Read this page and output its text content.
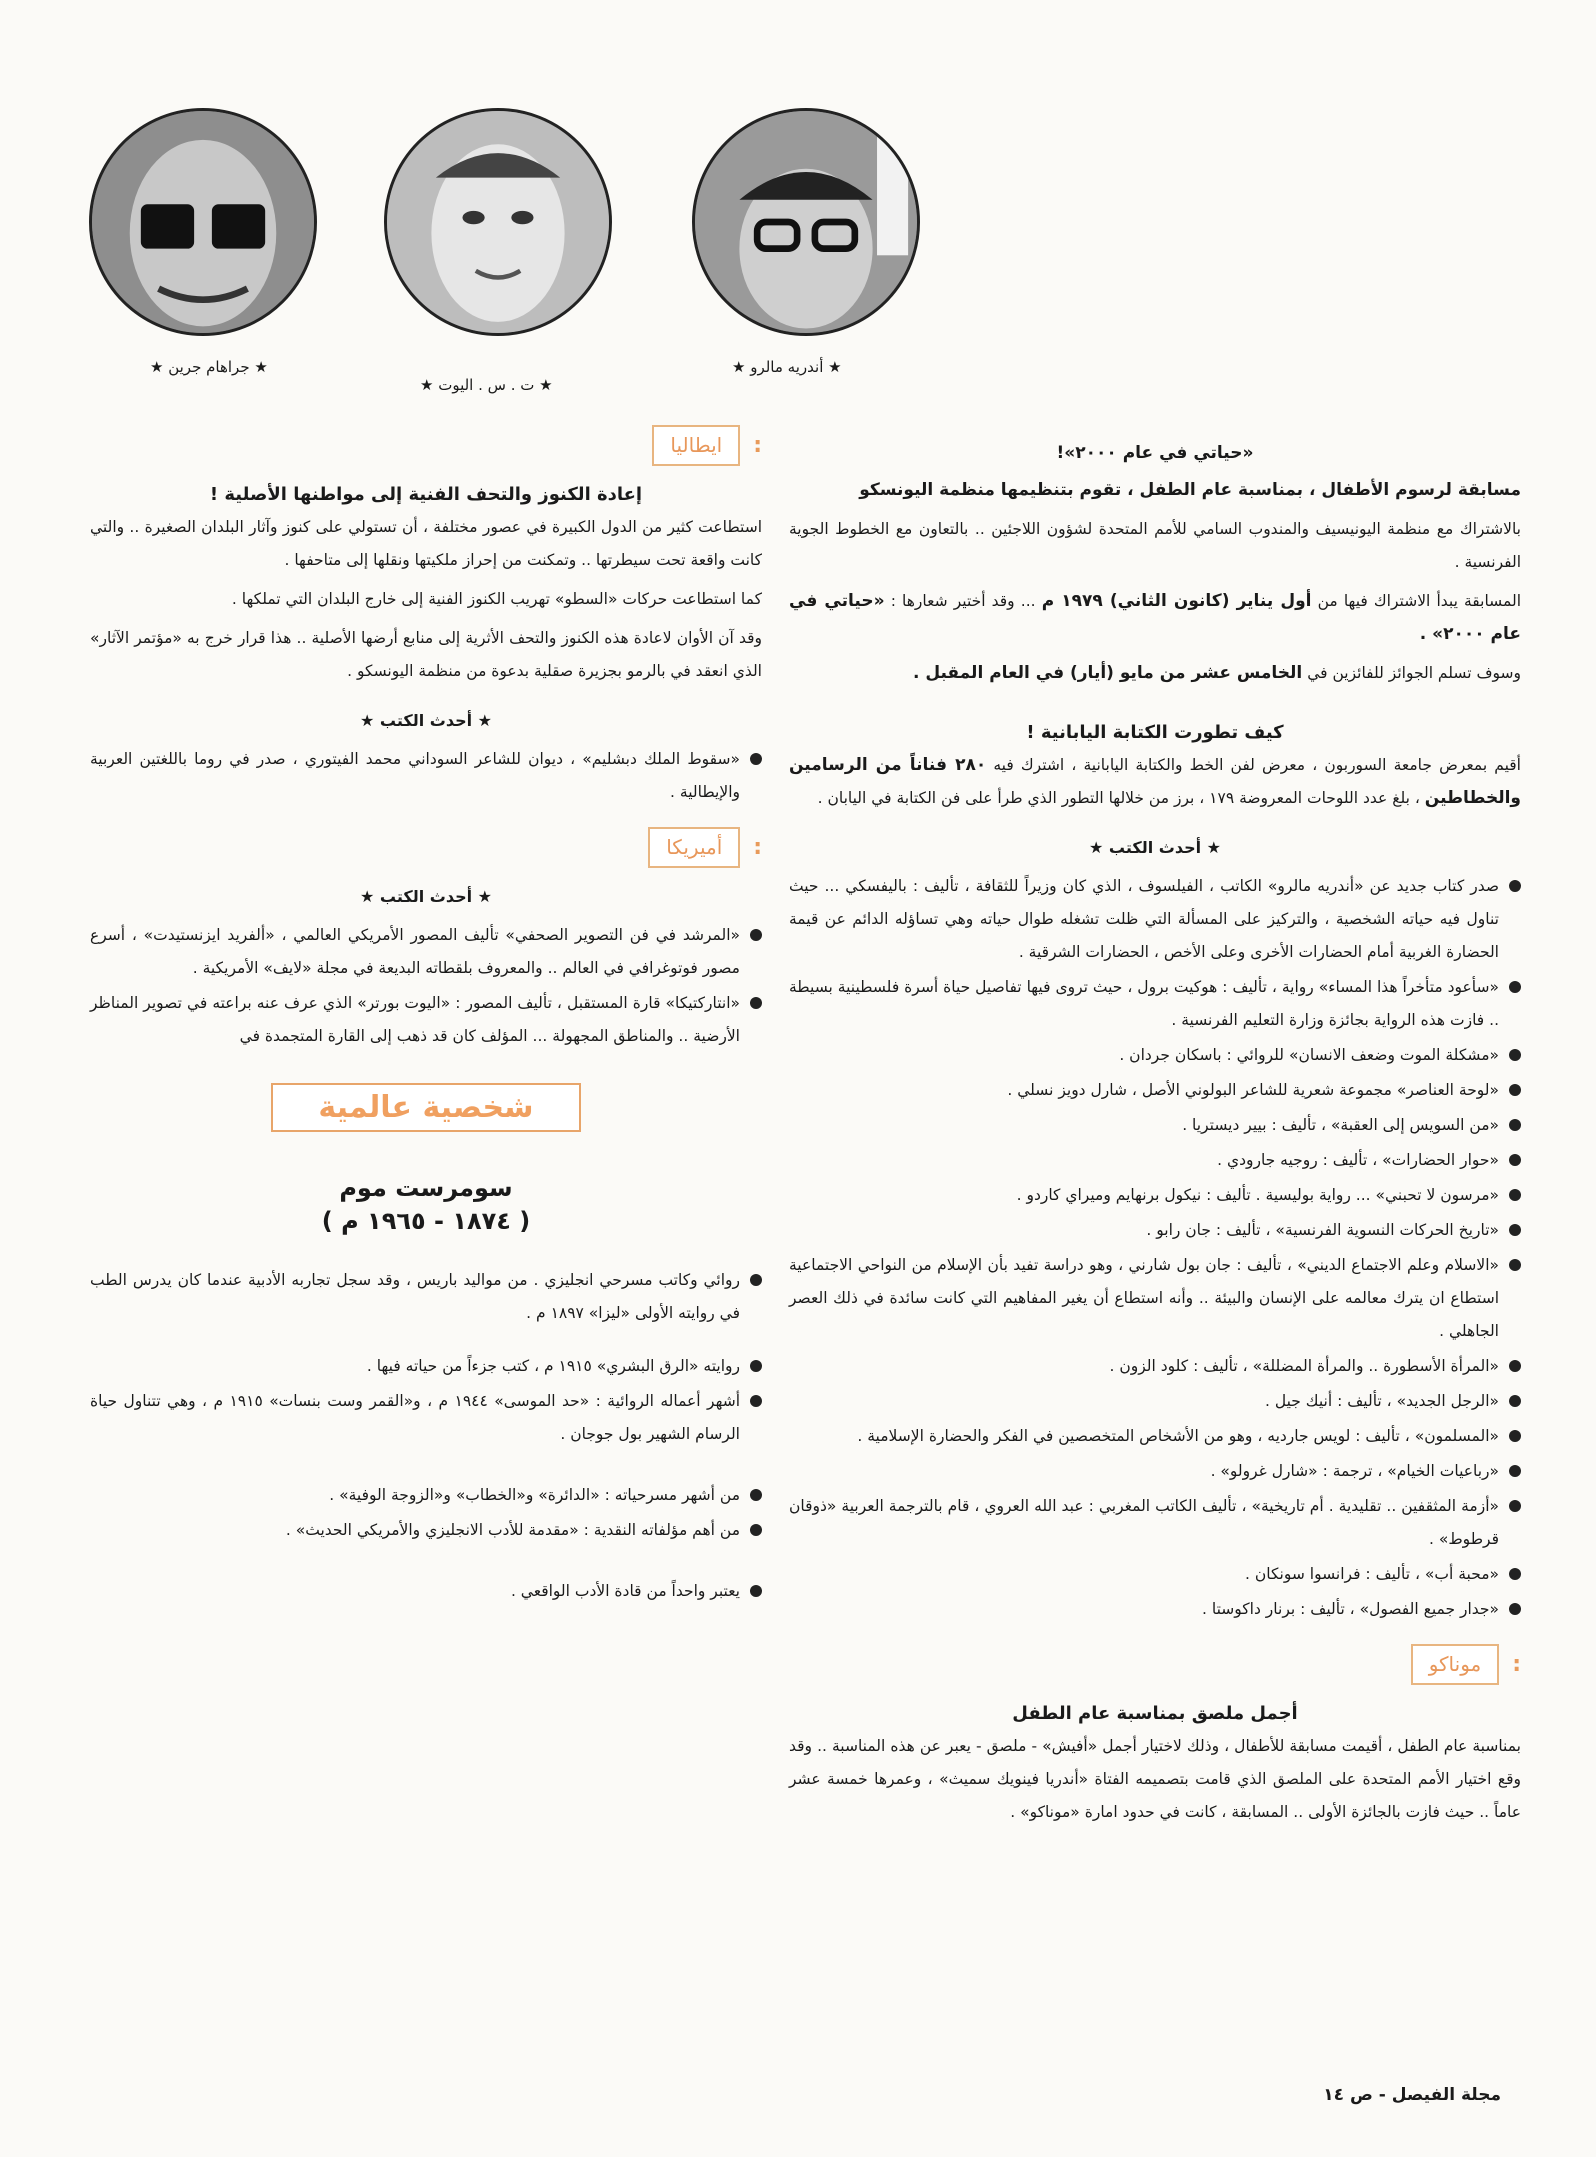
★ أندريه مالرو ★
★ ت . س . اليوت ★
★ جراهام جرين ★
«حياتي في عام ٢٠٠٠»!

مسابقة لرسوم الأطفال ، بمناسبة عام الطفل ، تقوم بتنظيمها منظمة اليونسكو

بالاشتراك مع منظمة اليونيسيف والمندوب السامي للأمم المتحدة لشؤون اللاجئين .. بالتعاون مع الخطوط الجوية الفرنسية .

المسابقة يبدأ الاشتراك فيها من أول يناير (كانون الثاني) ١٩٧٩ م ... وقد أختير شعارها : «حياتي في عام ٢٠٠٠» .

وسوف تسلم الجوائز للفائزين في الخامس عشر من مايو (أيار) في العام المقبل .

كيف تطورت الكتابة اليابانية !

أقيم بمعرض جامعة السوربون ، معرض لفن الخط والكتابة اليابانية ، اشترك فيه ٢٨٠ فناناً من الرسامين والخطاطين ، بلغ عدد اللوحات المعروضة ١٧٩ ، برز من خلالها التطور الذي طرأ على فن الكتابة في اليابان .

★ أحدث الكتب ★
صدر كتاب جديد عن «أندريه مالرو» الكاتب ، الفيلسوف ، الذي كان وزيراً للثقافة ، تأليف : باليفسكي ... حيث تناول فيه حياته الشخصية ، والتركيز على المسألة التي ظلت تشغله طوال حياته وهي تساؤله الدائم عن قيمة الحضارة الغربية أمام الحضارات الأخرى وعلى الأخص ، الحضارات الشرقية .
«سأعود متأخراً هذا المساء» رواية ، تأليف : هوكيت برول ، حيث تروى فيها تفاصيل حياة أسرة فلسطينية بسيطة .. فازت هذه الرواية بجائزة وزارة التعليم الفرنسية .
«مشكلة الموت وضعف الانسان» للروائي : باسكان جردان .
«لوحة العناصر» مجموعة شعرية للشاعر البولوني الأصل ، شارل دويز نسلي .
«من السويس إلى العقبة» ، تأليف : بيير ديستريا .
«حوار الحضارات» ، تأليف : روجيه جارودي .
«مرسون لا تحبني» ... رواية بوليسية . تأليف : نيكول برنهايم وميراي كاردو .
«تاريخ الحركات النسوية الفرنسية» ، تأليف : جان رابو .
«الاسلام وعلم الاجتماع الديني» ، تأليف : جان بول شارني ، وهو دراسة تفيد بأن الإسلام من النواحي الاجتماعية استطاع ان يترك معالمه على الإنسان والبيئة .. وأنه استطاع أن يغير المفاهيم التي كانت سائدة في ذلك العصر الجاهلي .
«المرأة الأسطورة .. والمرأة المضللة» ، تأليف : كلود الزون .
«الرجل الجديد» ، تأليف : أنيك جيل .
«المسلمون» ، تأليف : لويس جارديه ، وهو من الأشخاص المتخصصين في الفكر والحضارة الإسلامية .
«رباعيات الخيام» ، ترجمة : «شارل غرولو» .
«أزمة المثقفين .. تقليدية . أم تاريخية» ، تأليف الكاتب المغربي : عبد الله العروي ، قام بالترجمة العربية «ذوقان قرطوط» .
«محبة أب» ، تأليف : فرانسوا سونكان .
«جدار جميع الفصول» ، تأليف : برنار داكوستا .
: موناكو
أجمل ملصق بمناسبة عام الطفل

بمناسبة عام الطفل ، أقيمت مسابقة للأطفال ، وذلك لاختيار أجمل «أفيش» - ملصق - يعبر عن هذه المناسبة .. وقد وقع اختيار الأمم المتحدة على الملصق الذي قامت بتصميمه الفتاة «أندريا فينويك سميث» ، وعمرها خمسة عشر عاماً .. حيث فازت بالجائزة الأولى .. المسابقة ، كانت في حدود امارة «موناكو» .

: ايطاليا
إعادة الكنوز والتحف الفنية إلى مواطنها الأصلية !

استطاعت كثير من الدول الكبيرة في عصور مختلفة ، أن تستولي على كنوز وآثار البلدان الصغيرة .. والتي كانت واقعة تحت سيطرتها .. وتمكنت من إحراز ملكيتها ونقلها إلى متاحفها .

كما استطاعت حركات «السطو» تهريب الكنوز الفنية إلى خارج البلدان التي تملكها .

وقد آن الأوان لاعادة هذه الكنوز والتحف الأثرية إلى منابع أرضها الأصلية .. هذا قرار خرج به «مؤتمر الآثار» الذي انعقد في بالرمو بجزيرة صقلية بدعوة من منظمة اليونسكو .

★ أحدث الكتب ★
«سقوط الملك دبشليم» ، ديوان للشاعر السوداني محمد الفيتوري ، صدر في روما باللغتين العربية والإيطالية .
: أميريكا
★ أحدث الكتب ★
«المرشد في فن التصوير الصحفي» تأليف المصور الأمريكي العالمي ، «ألفريد ايزنستيدت» ، أسرع مصور فوتوغرافي في العالم .. والمعروف بلقطاته البديعة في مجلة «لايف» الأمريكية .
«انتاركتيكا» قارة المستقبل ، تأليف المصور : «اليوت بورتر» الذي عرف عنه براعته في تصوير المناظر الأرضية .. والمناطق المجهولة ... المؤلف كان قد ذهب إلى القارة المتجمدة في
شخصية عالمية
سومرست موم
( ١٨٧٤ - ١٩٦٥ م )
روائي وكاتب مسرحي انجليزي . من مواليد باريس ، وقد سجل تجاربه الأدبية عندما كان يدرس الطب في روايته الأولى «ليزا» ١٨٩٧ م .
روايته «الرق البشري» ١٩١٥ م ، كتب جزءاً من حياته فيها .
أشهر أعماله الروائية : «حد الموسى» ١٩٤٤ م ، و«القمر وست بنسات» ١٩١٥ م ، وهي تتناول حياة الرسام الشهير بول جوجان .
من أشهر مسرحياته : «الدائرة» و«الخطاب» و«الزوجة الوفية» .
من أهم مؤلفاته النقدية : «مقدمة للأدب الانجليزي والأمريكي الحديث» .
يعتبر واحداً من قادة الأدب الواقعي .
مجلة الفيصل - ص ١٤
